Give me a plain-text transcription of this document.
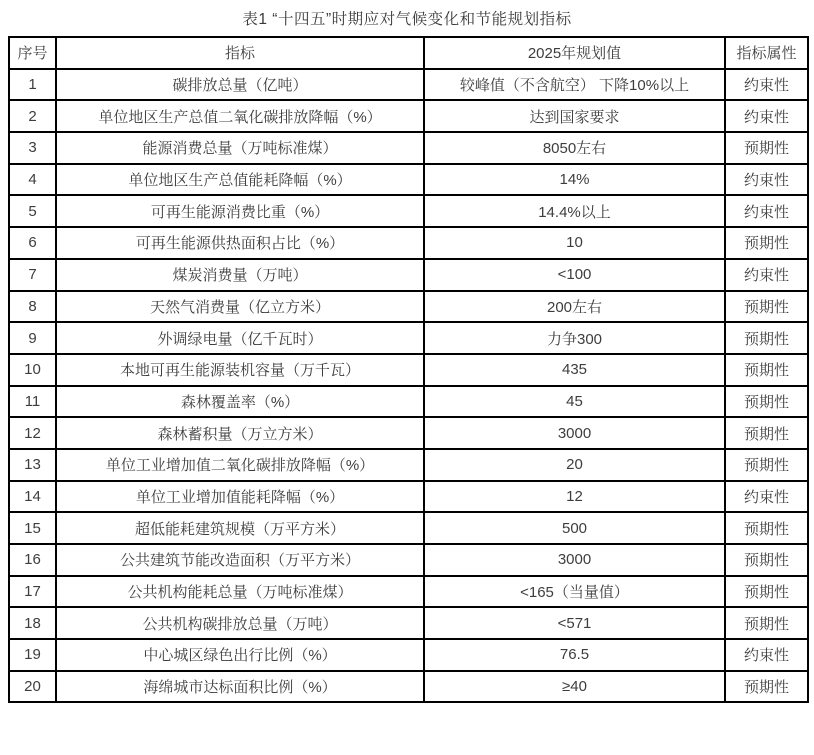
表1 “十四五”时期应对气候变化和节能规划指标
序号	指标	2025年规划值	指标属性
1	碳排放总量（亿吨）	较峰值（不含航空） 下降10%以上	约束性
2	单位地区生产总值二氧化碳排放降幅（%）	达到国家要求	约束性
3	能源消费总量（万吨标准煤）	8050左右	预期性
4	单位地区生产总值能耗降幅（%）	14%	约束性
5	可再生能源消费比重（%）	14.4%以上	约束性
6	可再生能源供热面积占比（%）	10	预期性
7	煤炭消费量（万吨）	<100	约束性
8	天然气消费量（亿立方米）	200左右	预期性
9	外调绿电量（亿千瓦时）	力争300	预期性
10	本地可再生能源装机容量（万千瓦）	435	预期性
11	森林覆盖率（%）	45	预期性
12	森林蓄积量（万立方米）	3000	预期性
13	单位工业增加值二氧化碳排放降幅（%）	20	预期性
14	单位工业增加值能耗降幅（%）	12	约束性
15	超低能耗建筑规模（万平方米）	500	预期性
16	公共建筑节能改造面积（万平方米）	3000	预期性
17	公共机构能耗总量（万吨标准煤）	<165（当量值）	预期性
18	公共机构碳排放总量（万吨）	<571	预期性
19	中心城区绿色出行比例（%）	76.5	约束性
20	海绵城市达标面积比例（%）	≥40	预期性
